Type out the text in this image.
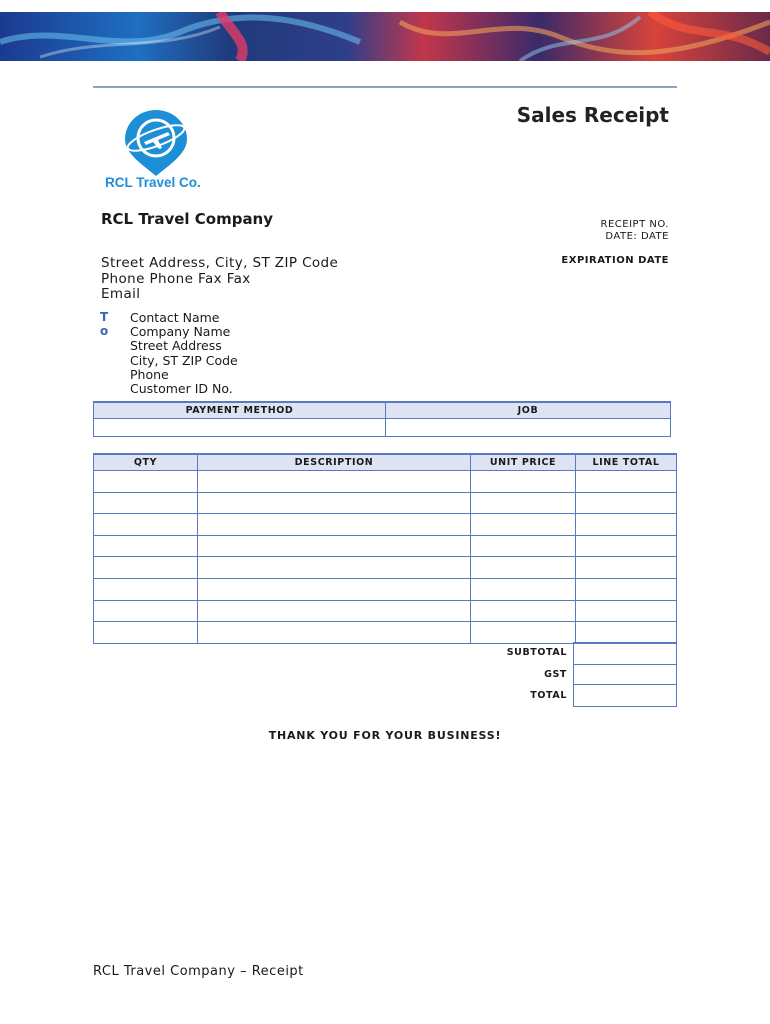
Sales Receipt
RCL Travel Co.
RCL Travel Company	RECEIPT NO.
DATE: DATE
EXPIRATION DATE
Street Address, City, ST ZIP Code
Phone Phone Fax Fax
Email
T
o
Contact Name
Company Name
Street Address
City, ST ZIP Code
Phone
Customer ID No.
PAYMENT METHOD	JOB

QTY	DESCRIPTION	UNIT PRICE	LINE TOTAL

SUBTOTAL
GST
TOTAL
THANK YOU FOR YOUR BUSINESS!
RCL Travel Company – Receipt
